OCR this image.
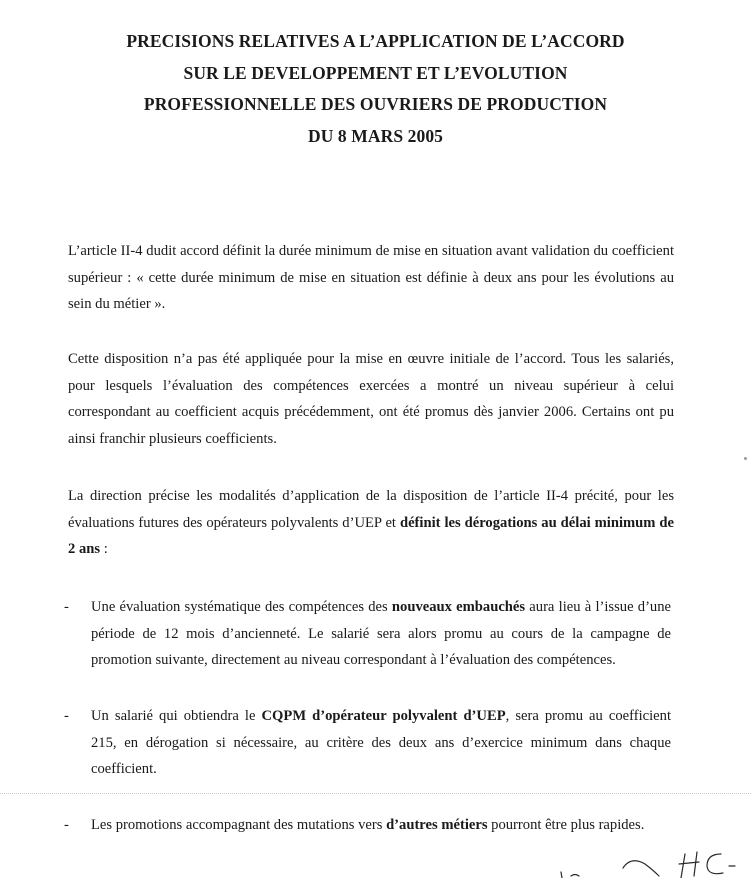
PRECISIONS RELATIVES A L’APPLICATION DE L’ACCORD
SUR LE DEVELOPPEMENT ET L’EVOLUTION
PROFESSIONNELLE DES OUVRIERS DE PRODUCTION
DU 8 MARS 2005
L’article II-4 dudit accord définit la durée minimum de mise en situation avant validation du coefficient supérieur : « cette durée minimum de mise en situation est définie à deux ans pour les évolutions au sein du métier ».
Cette disposition n’a pas été appliquée pour la mise en œuvre initiale de l’accord. Tous les salariés, pour lesquels l’évaluation des compétences exercées a montré un niveau supérieur à celui correspondant au coefficient acquis précédemment, ont été promus dès janvier 2006. Certains ont pu ainsi franchir plusieurs coefficients.
La direction précise les modalités d’application de la disposition de l’article II-4 précité, pour les évaluations futures des opérateurs polyvalents d’UEP et définit les dérogations au délai minimum de 2 ans :
-	Une évaluation systématique des compétences des nouveaux embauchés aura lieu à l’issue d’une période de 12 mois d’ancienneté. Le salarié sera alors promu au cours de la campagne de promotion suivante, directement au niveau correspondant à l’évaluation des compétences.
-	Un salarié qui obtiendra le CQPM d’opérateur polyvalent d’UEP, sera promu au coefficient 215, en dérogation si nécessaire, au critère des deux ans d’exercice minimum dans chaque coefficient.
-	Les promotions accompagnant des mutations vers d’autres métiers pourront être plus rapides.
